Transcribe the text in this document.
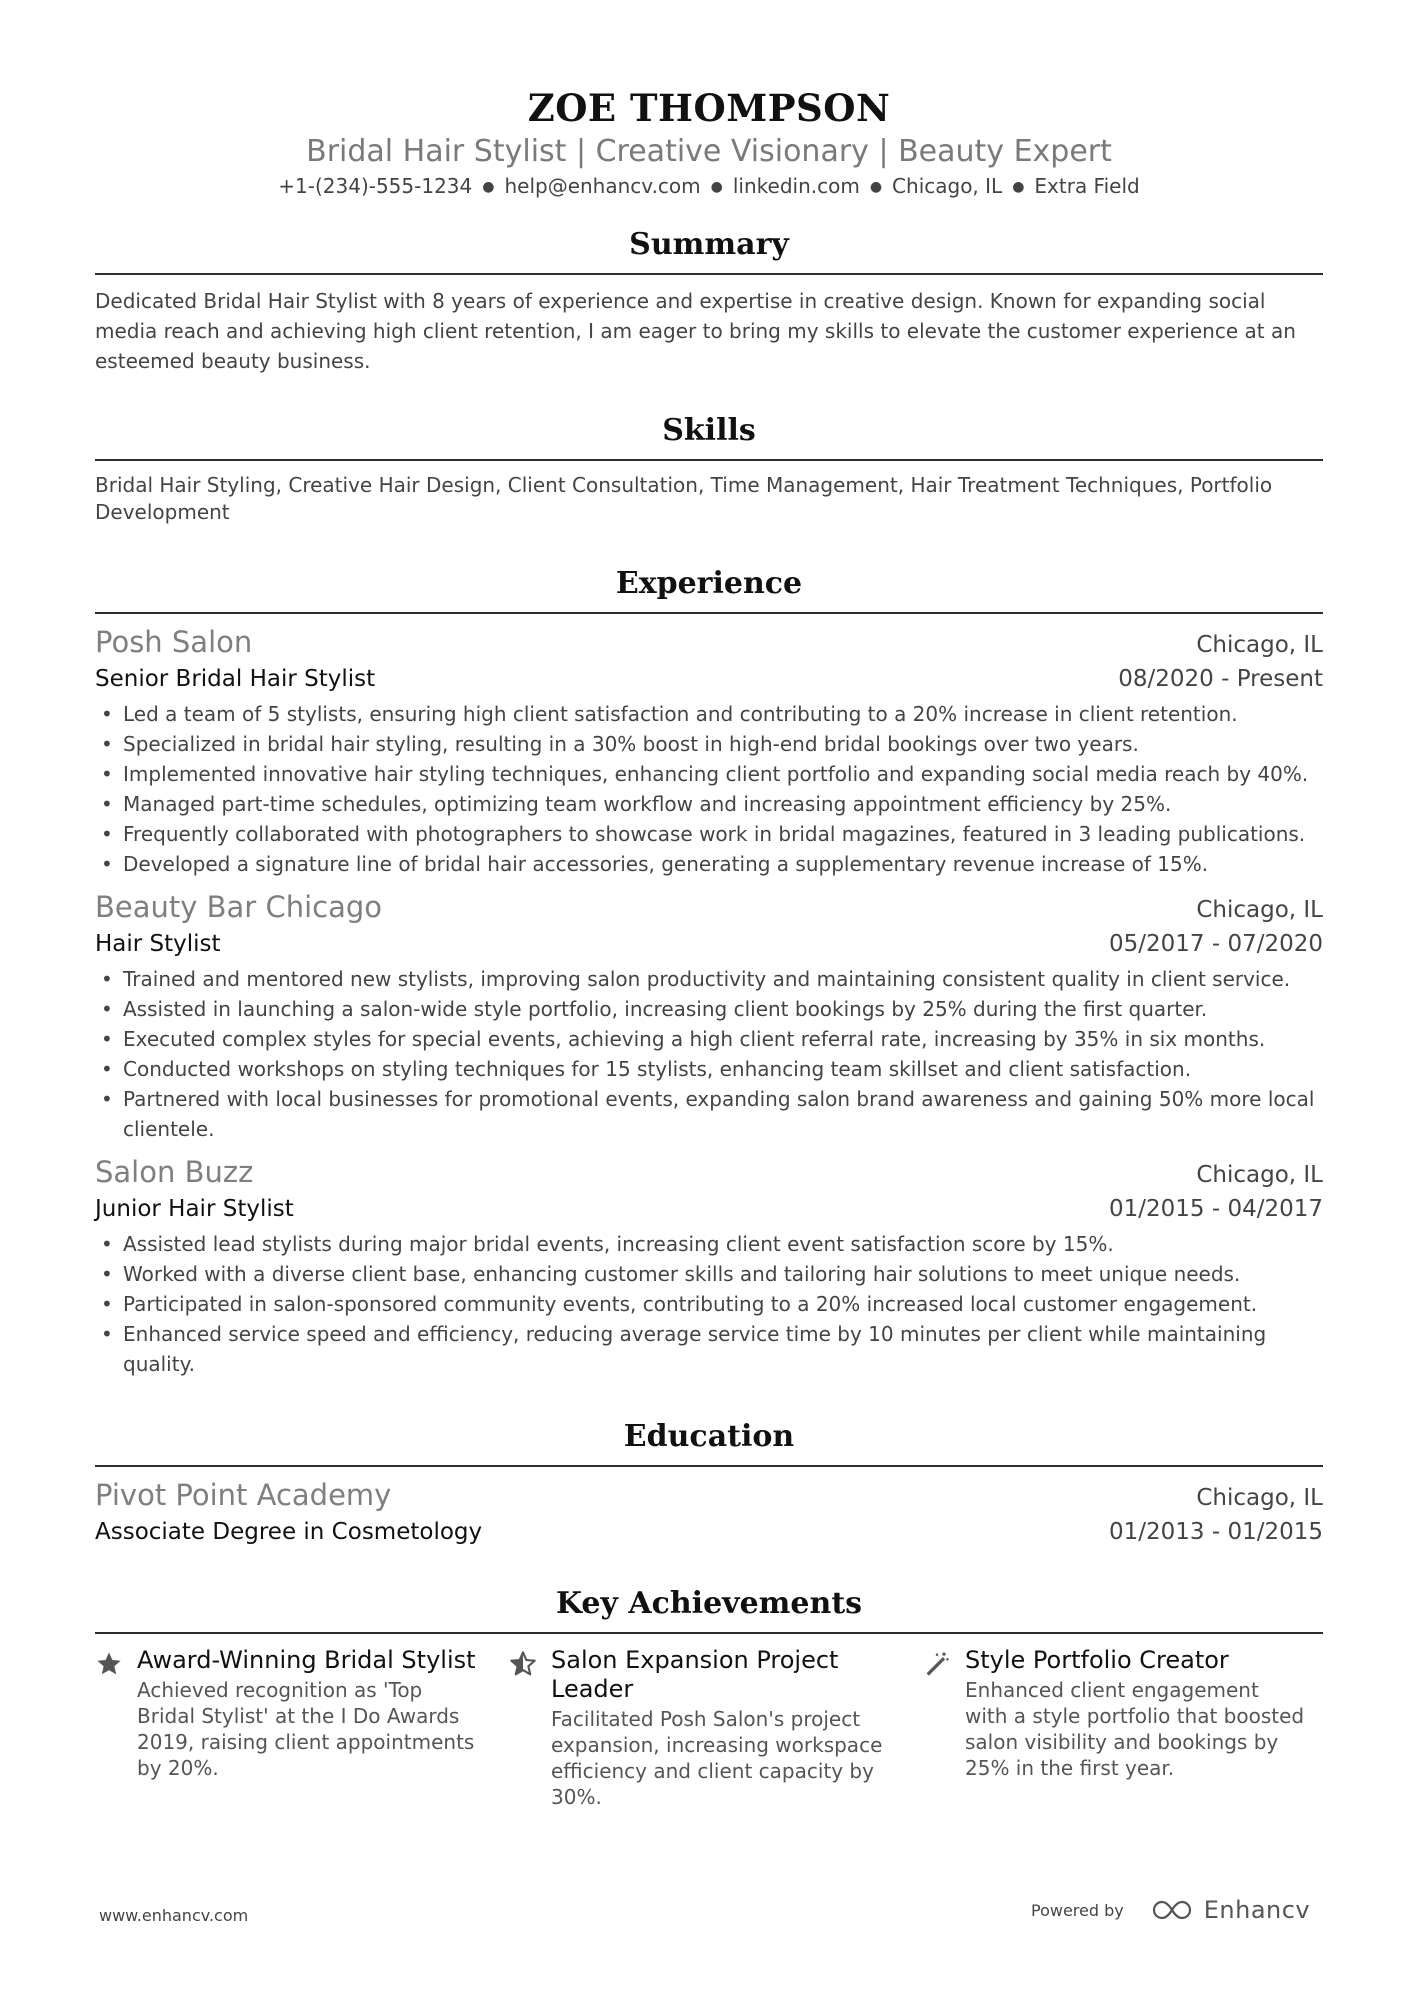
ZOE THOMPSON
Bridal Hair Stylist | Creative Visionary | Beauty Expert
+1-(234)-555-1234 ● help@enhancv.com ● linkedin.com ● Chicago, IL ● Extra Field
Summary
Dedicated Bridal Hair Stylist with 8 years of experience and expertise in creative design. Known for expanding social media reach and achieving high client retention, I am eager to bring my skills to elevate the customer experience at an esteemed beauty business.
Skills
Bridal Hair Styling, Creative Hair Design, Client Consultation, Time Management, Hair Treatment Techniques, Portfolio Development
Experience
Posh Salon	Chicago, IL
Senior Bridal Hair Stylist	08/2020 - Present
• Led a team of 5 stylists, ensuring high client satisfaction and contributing to a 20% increase in client retention.
• Specialized in bridal hair styling, resulting in a 30% boost in high-end bridal bookings over two years.
• Implemented innovative hair styling techniques, enhancing client portfolio and expanding social media reach by 40%.
• Managed part-time schedules, optimizing team workflow and increasing appointment efficiency by 25%.
• Frequently collaborated with photographers to showcase work in bridal magazines, featured in 3 leading publications.
• Developed a signature line of bridal hair accessories, generating a supplementary revenue increase of 15%.
Beauty Bar Chicago	Chicago, IL
Hair Stylist	05/2017 - 07/2020
• Trained and mentored new stylists, improving salon productivity and maintaining consistent quality in client service.
• Assisted in launching a salon-wide style portfolio, increasing client bookings by 25% during the first quarter.
• Executed complex styles for special events, achieving a high client referral rate, increasing by 35% in six months.
• Conducted workshops on styling techniques for 15 stylists, enhancing team skillset and client satisfaction.
• Partnered with local businesses for promotional events, expanding salon brand awareness and gaining 50% more local clientele.
Salon Buzz	Chicago, IL
Junior Hair Stylist	01/2015 - 04/2017
• Assisted lead stylists during major bridal events, increasing client event satisfaction score by 15%.
• Worked with a diverse client base, enhancing customer skills and tailoring hair solutions to meet unique needs.
• Participated in salon-sponsored community events, contributing to a 20% increased local customer engagement.
• Enhanced service speed and efficiency, reducing average service time by 10 minutes per client while maintaining quality.
Education
Pivot Point Academy	Chicago, IL
Associate Degree in Cosmetology	01/2013 - 01/2015
Key Achievements
Award-Winning Bridal Stylist
Achieved recognition as 'Top Bridal Stylist' at the I Do Awards 2019, raising client appointments by 20%.
Salon Expansion Project Leader
Facilitated Posh Salon's project expansion, increasing workspace efficiency and client capacity by 30%.
Style Portfolio Creator
Enhanced client engagement with a style portfolio that boosted salon visibility and bookings by 25% in the first year.
www.enhancv.com	Powered by	Enhancv
